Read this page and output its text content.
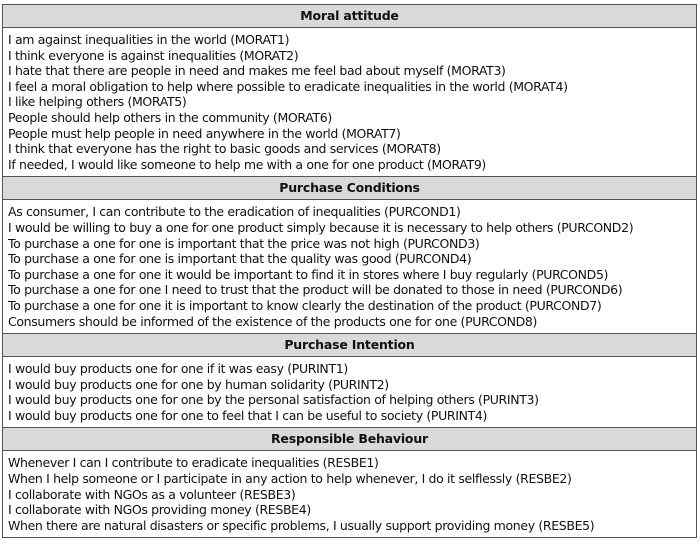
Moral attitude
I am against inequalities in the world (MORAT1)
I think everyone is against inequalities (MORAT2)
I hate that there are people in need and makes me feel bad about myself (MORAT3)
I feel a moral obligation to help where possible to eradicate inequalities in the world (MORAT4)
I like helping others (MORAT5)
People should help others in the community (MORAT6)
People must help people in need anywhere in the world (MORAT7)
I think that everyone has the right to basic goods and services (MORAT8)
If needed, I would like someone to help me with a one for one product (MORAT9)
Purchase Conditions
As consumer, I can contribute to the eradication of inequalities (PURCOND1)
I would be willing to buy a one for one product simply because it is necessary to help others (PURCOND2)
To purchase a one for one is important that the price was not high (PURCOND3)
To purchase a one for one is important that the quality was good (PURCOND4)
To purchase a one for one it would be important to find it in stores where I buy regularly (PURCOND5)
To purchase a one for one I need to trust that the product will be donated to those in need (PURCOND6)
To purchase a one for one it is important to know clearly the destination of the product (PURCOND7)
Consumers should be informed of the existence of the products one for one (PURCOND8)
Purchase Intention
I would buy products one for one if it was easy (PURINT1)
I would buy products one for one by human solidarity (PURINT2)
I would buy products one for one by the personal satisfaction of helping others (PURINT3)
I would buy products one for one to feel that I can be useful to society (PURINT4)
Responsible Behaviour
Whenever I can I contribute to eradicate inequalities (RESBE1)
When I help someone or I participate in any action to help whenever, I do it selflessly (RESBE2)
I collaborate with NGOs as a volunteer (RESBE3)
I collaborate with NGOs providing money (RESBE4)
When there are natural disasters or specific problems, I usually support providing money (RESBE5)
